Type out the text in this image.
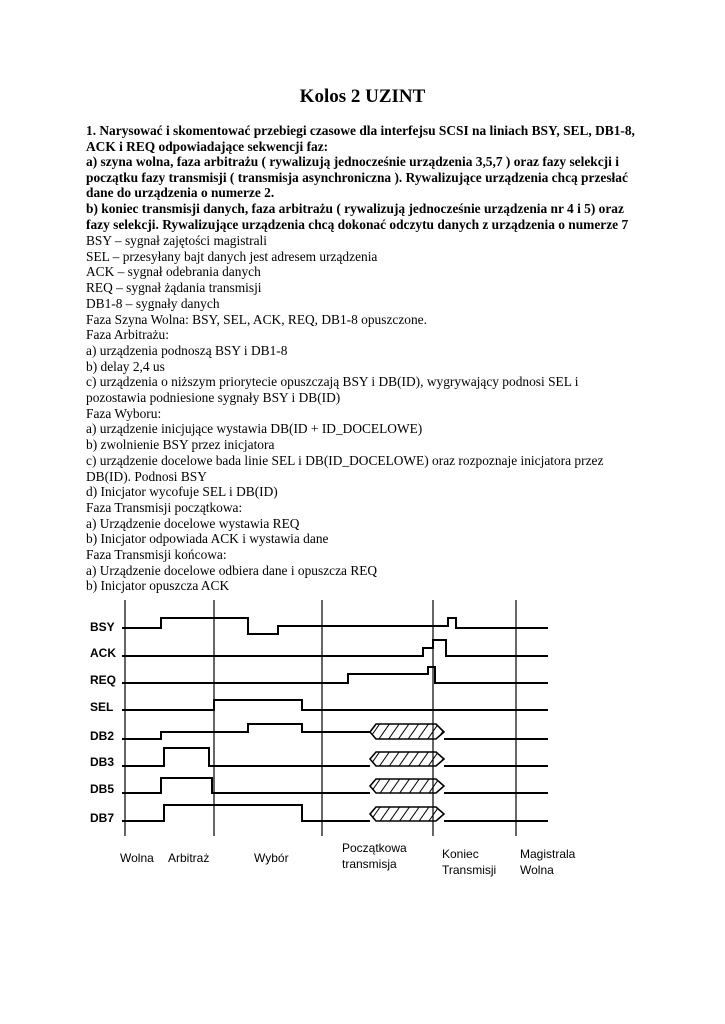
Kolos 2 UZINT

1. Narysować i skomentować przebiegi czasowe dla interfejsu SCSI na liniach BSY, SEL, DB1-8, ACK i REQ odpowiadające sekwencji faz:

a) szyna wolna, faza arbitrażu ( rywalizują jednocześnie urządzenia 3,5,7 ) oraz fazy selekcji i początku fazy transmisji ( transmisja asynchroniczna ). Rywalizujące urządzenia chcą przesłać dane do urządzenia o numerze 2.

b) koniec transmisji danych, faza arbitrażu ( rywalizują jednocześnie urządzenia nr 4 i 5) oraz fazy selekcji. Rywalizujące urządzenia chcą dokonać odczytu danych z urządzenia o numerze 7

BSY – sygnał zajętości magistrali
SEL – przesyłany bajt danych jest adresem urządzenia
ACK – sygnał odebrania danych
REQ – sygnał żądania transmisji
DB1-8 – sygnały danych
Faza Szyna Wolna: BSY, SEL, ACK, REQ, DB1-8 opuszczone.
Faza Arbitrażu:
a) urządzenia podnoszą BSY i DB1-8
b) delay 2,4 us
c) urządzenia o niższym priorytecie opuszczają BSY i DB(ID), wygrywający podnosi SEL i
pozostawia podniesione sygnały BSY i DB(ID)
Faza Wyboru:
a) urządzenie inicjujące wystawia DB(ID + ID_DOCELOWE)
b) zwolnienie BSY przez inicjatora
c) urządzenie docelowe bada linie SEL i DB(ID_DOCELOWE) oraz rozpoznaje inicjatora przez
DB(ID). Podnosi BSY
d) Inicjator wycofuje SEL i DB(ID)
Faza Transmisji początkowa:
a) Urządzenie docelowe wystawia REQ
b) Inicjator odpowiada ACK i wystawia dane
Faza Transmisji końcowa:
a) Urządzenie docelowe odbiera dane i opuszcza REQ
b) Inicjator opuszcza ACK
BSY
ACK
REQ
SEL
DB2
DB3
DB5
DB7
Wolna Arbitraż	Wybór
Początkowa
transmisja
Koniec
Transmisji
Magistrala
Wolna
